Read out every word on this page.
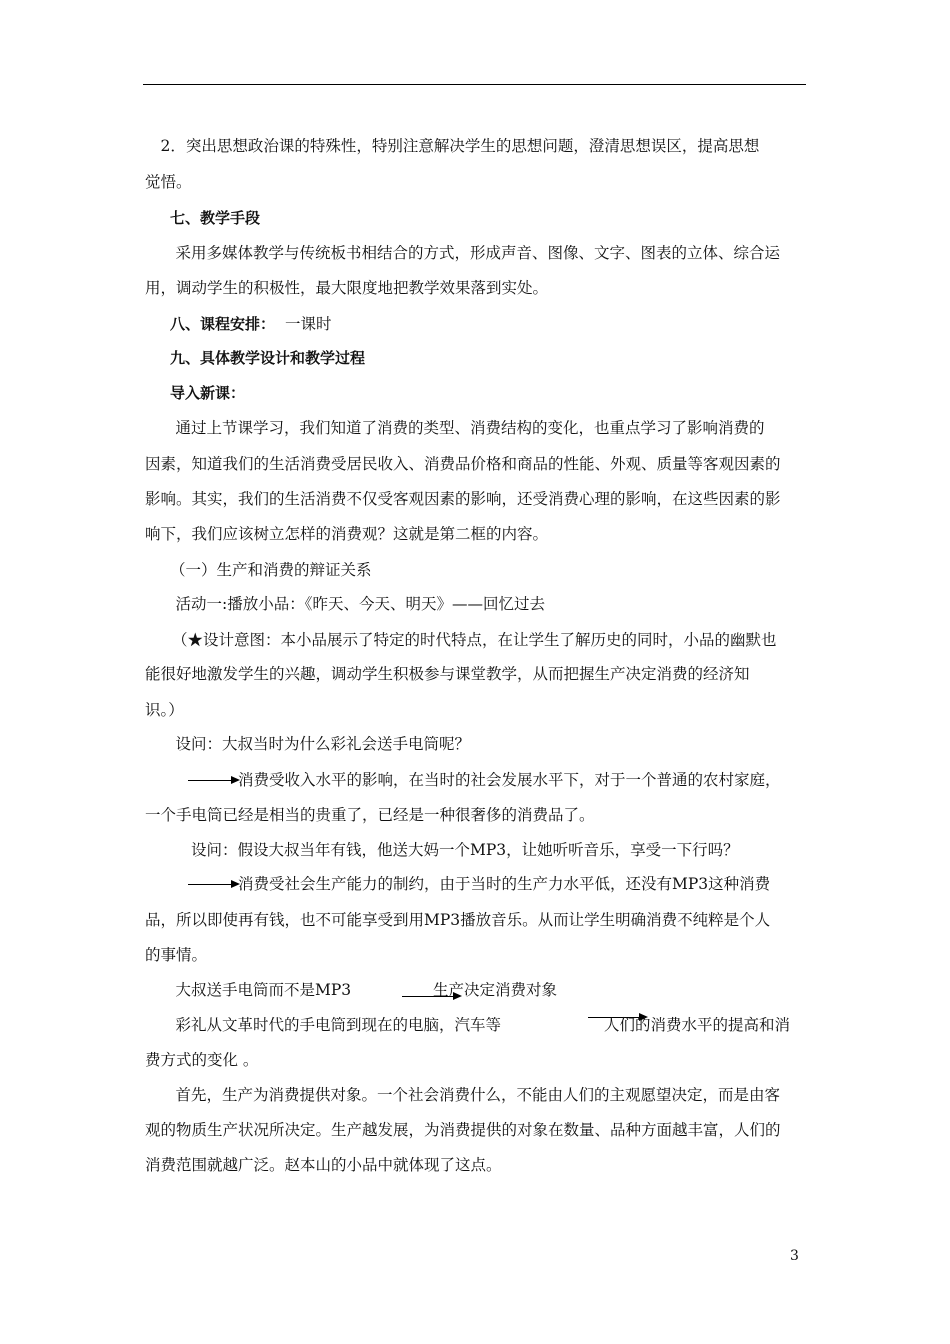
　2．突出思想政治课的特殊性，特别注意解决学生的思想问题，澄清思想误区，提高思想
觉悟。
七、教学手段
　采用多媒体教学与传统板书相结合的方式，形成声音、图像、文字、图表的立体、综合运
用，调动学生的积极性，最大限度地把教学效果落到实处。
八、课程安排： 一课时
九、具体教学设计和教学过程
导入新课：
　通过上节课学习，我们知道了消费的类型、消费结构的变化，也重点学习了影响消费的
因素，知道我们的生活消费受居民收入、消费品价格和商品的性能、外观、质量等客观因素的
影响。其实，我们的生活消费不仅受客观因素的影响，还受消费心理的影响，在这些因素的影
响下，我们应该树立怎样的消费观？这就是第二框的内容。
（一）生产和消费的辩证关系
　活动一:播放小品：《昨天、今天、明天》——回忆过去
（★设计意图：本小品展示了特定的时代特点，在让学生了解历史的同时，小品的幽默也
能很好地激发学生的兴趣，调动学生积极参与课堂教学，从而把握生产决定消费的经济知
识。）
　设问：大叔当时为什么彩礼会送手电筒呢？
消费受收入水平的影响，在当时的社会发展水平下，对于一个普通的农村家庭，
一个手电筒已经是相当的贵重了，已经是一种很奢侈的消费品了。
　　设问：假设大叔当年有钱，他送大妈一个MP3，让她听听音乐，享受一下行吗？
消费受社会生产能力的制约，由于当时的生产力水平低，还没有MP3这种消费
品，所以即使再有钱，也不可能享受到用MP3播放音乐。从而让学生明确消费不纯粹是个人
的事情。
　大叔送手电筒而不是MP3	生产决定消费对象
　彩礼从文革时代的手电筒到现在的电脑，汽车等	人们的消费水平的提高和消
费方式的变化 。
　首先，生产为消费提供对象。一个社会消费什么，不能由人们的主观愿望决定，而是由客
观的物质生产状况所决定。生产越发展，为消费提供的对象在数量、品种方面越丰富，人们的
消费范围就越广泛。赵本山的小品中就体现了这点。
3
